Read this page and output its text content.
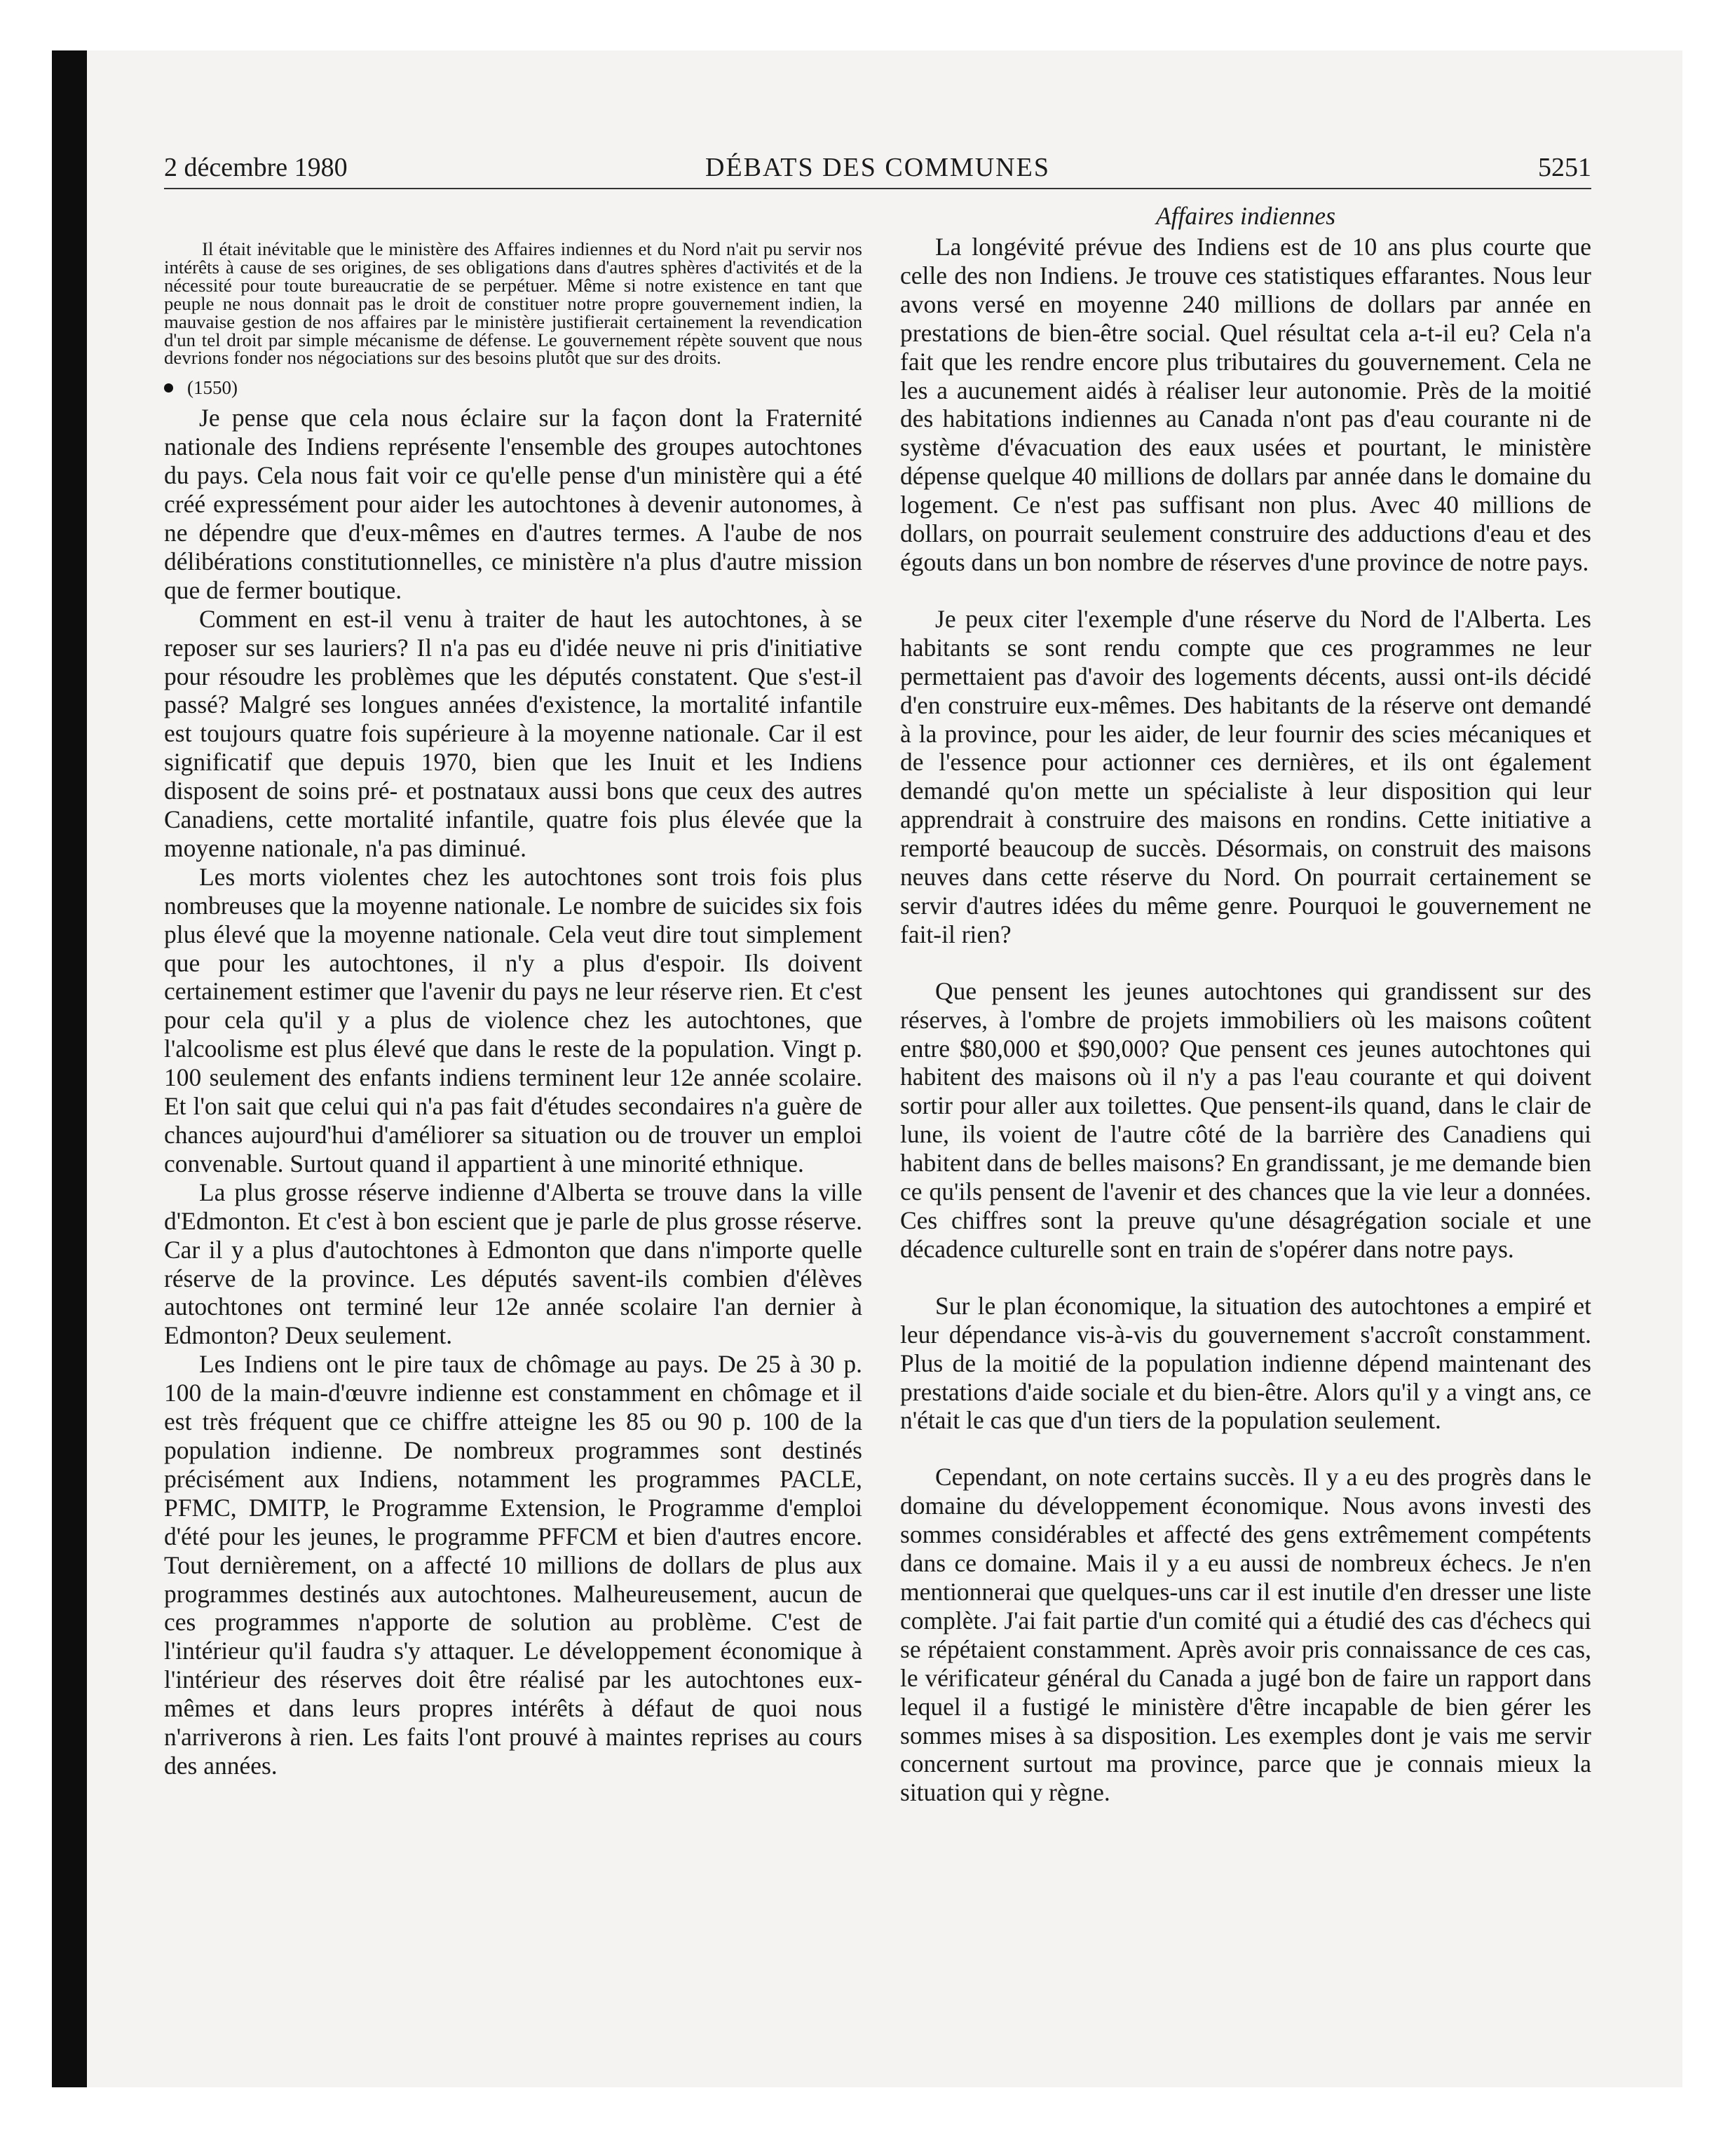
2 décembre 1980	DÉBATS DES COMMUNES	5251

Il était inévitable que le ministère des Affaires indiennes et du Nord n'ait pu servir nos intérêts à cause de ses origines, de ses obligations dans d'autres sphères d'activités et de la nécessité pour toute bureaucratie de se perpétuer. Même si notre existence en tant que peuple ne nous donnait pas le droit de constituer notre propre gouvernement indien, la mauvaise gestion de nos affaires par le ministère justifierait certainement la revendication d'un tel droit par simple mécanisme de défense. Le gouvernement répète souvent que nous devrions fonder nos négociations sur des besoins plutôt que sur des droits.

(1550)

Je pense que cela nous éclaire sur la façon dont la Fraternité nationale des Indiens représente l'ensemble des groupes autochtones du pays. Cela nous fait voir ce qu'elle pense d'un ministère qui a été créé expressément pour aider les autochtones à devenir autonomes, à ne dépendre que d'eux-mêmes en d'autres termes. A l'aube de nos délibérations constitutionnelles, ce ministère n'a plus d'autre mission que de fermer boutique.

Comment en est-il venu à traiter de haut les autochtones, à se reposer sur ses lauriers? Il n'a pas eu d'idée neuve ni pris d'initiative pour résoudre les problèmes que les députés constatent. Que s'est-il passé? Malgré ses longues années d'existence, la mortalité infantile est toujours quatre fois supérieure à la moyenne nationale. Car il est significatif que depuis 1970, bien que les Inuit et les Indiens disposent de soins pré- et postnataux aussi bons que ceux des autres Canadiens, cette mortalité infantile, quatre fois plus élevée que la moyenne nationale, n'a pas diminué.

Les morts violentes chez les autochtones sont trois fois plus nombreuses que la moyenne nationale. Le nombre de suicides six fois plus élevé que la moyenne nationale. Cela veut dire tout simplement que pour les autochtones, il n'y a plus d'espoir. Ils doivent certainement estimer que l'avenir du pays ne leur réserve rien. Et c'est pour cela qu'il y a plus de violence chez les autochtones, que l'alcoolisme est plus élevé que dans le reste de la population. Vingt p. 100 seulement des enfants indiens terminent leur 12e année scolaire. Et l'on sait que celui qui n'a pas fait d'études secondaires n'a guère de chances aujourd'hui d'améliorer sa situation ou de trouver un emploi convenable. Surtout quand il appartient à une minorité ethnique.

La plus grosse réserve indienne d'Alberta se trouve dans la ville d'Edmonton. Et c'est à bon escient que je parle de plus grosse réserve. Car il y a plus d'autochtones à Edmonton que dans n'importe quelle réserve de la province. Les députés savent-ils combien d'élèves autochtones ont terminé leur 12e année scolaire l'an dernier à Edmonton? Deux seulement.

Les Indiens ont le pire taux de chômage au pays. De 25 à 30 p. 100 de la main-d'œuvre indienne est constamment en chômage et il est très fréquent que ce chiffre atteigne les 85 ou 90 p. 100 de la population indienne. De nombreux programmes sont destinés précisément aux Indiens, notamment les programmes PACLE, PFMC, DMITP, le Programme Extension, le Programme d'emploi d'été pour les jeunes, le programme PFFCM et bien d'autres encore. Tout dernièrement, on a affecté 10 millions de dollars de plus aux programmes destinés aux autochtones. Malheureusement, aucun de ces programmes n'apporte de solution au problème. C'est de l'intérieur qu'il faudra s'y attaquer. Le développement économique à l'intérieur des réserves doit être réalisé par les autochtones eux-mêmes et dans leurs propres intérêts à défaut de quoi nous n'arriverons à rien. Les faits l'ont prouvé à maintes reprises au cours des années.

Affaires indiennes

La longévité prévue des Indiens est de 10 ans plus courte que celle des non Indiens. Je trouve ces statistiques effarantes. Nous leur avons versé en moyenne 240 millions de dollars par année en prestations de bien-être social. Quel résultat cela a-t-il eu? Cela n'a fait que les rendre encore plus tributaires du gouvernement. Cela ne les a aucunement aidés à réaliser leur autonomie. Près de la moitié des habitations indiennes au Canada n'ont pas d'eau courante ni de système d'évacuation des eaux usées et pourtant, le ministère dépense quelque 40 millions de dollars par année dans le domaine du logement. Ce n'est pas suffisant non plus. Avec 40 millions de dollars, on pourrait seulement construire des adductions d'eau et des égouts dans un bon nombre de réserves d'une province de notre pays.

Je peux citer l'exemple d'une réserve du Nord de l'Alberta. Les habitants se sont rendu compte que ces programmes ne leur permettaient pas d'avoir des logements décents, aussi ont-ils décidé d'en construire eux-mêmes. Des habitants de la réserve ont demandé à la province, pour les aider, de leur fournir des scies mécaniques et de l'essence pour actionner ces dernières, et ils ont également demandé qu'on mette un spécialiste à leur disposition qui leur apprendrait à construire des maisons en rondins. Cette initiative a remporté beaucoup de succès. Désormais, on construit des maisons neuves dans cette réserve du Nord. On pourrait certainement se servir d'autres idées du même genre. Pourquoi le gouvernement ne fait-il rien?

Que pensent les jeunes autochtones qui grandissent sur des réserves, à l'ombre de projets immobiliers où les maisons coûtent entre $80,000 et $90,000? Que pensent ces jeunes autochtones qui habitent des maisons où il n'y a pas l'eau courante et qui doivent sortir pour aller aux toilettes. Que pensent-ils quand, dans le clair de lune, ils voient de l'autre côté de la barrière des Canadiens qui habitent dans de belles maisons? En grandissant, je me demande bien ce qu'ils pensent de l'avenir et des chances que la vie leur a données. Ces chiffres sont la preuve qu'une désagrégation sociale et une décadence culturelle sont en train de s'opérer dans notre pays.

Sur le plan économique, la situation des autochtones a empiré et leur dépendance vis-à-vis du gouvernement s'accroît constamment. Plus de la moitié de la population indienne dépend maintenant des prestations d'aide sociale et du bien-être. Alors qu'il y a vingt ans, ce n'était le cas que d'un tiers de la population seulement.

Cependant, on note certains succès. Il y a eu des progrès dans le domaine du développement économique. Nous avons investi des sommes considérables et affecté des gens extrêmement compétents dans ce domaine. Mais il y a eu aussi de nombreux échecs. Je n'en mentionnerai que quelques-uns car il est inutile d'en dresser une liste complète. J'ai fait partie d'un comité qui a étudié des cas d'échecs qui se répétaient constamment. Après avoir pris connaissance de ces cas, le vérificateur général du Canada a jugé bon de faire un rapport dans lequel il a fustigé le ministère d'être incapable de bien gérer les sommes mises à sa disposition. Les exemples dont je vais me servir concernent surtout ma province, parce que je connais mieux la situation qui y règne.
